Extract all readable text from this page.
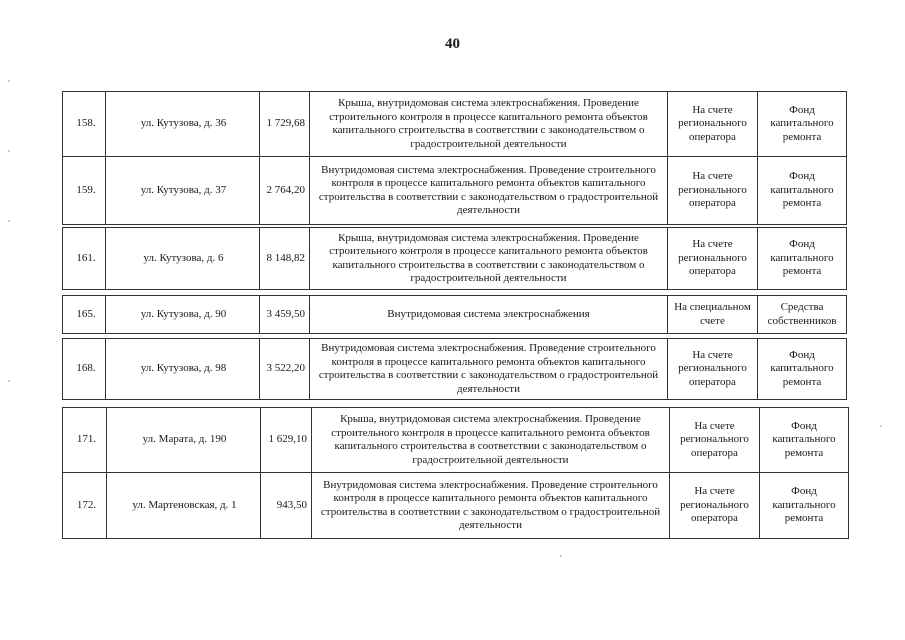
40
158.	ул. Кутузова, д. 36	1 729,68	Крыша, внутридомовая система электроснабжения. Проведение строительного контроля в процессе капитального ремонта объектов капитального строительства в соответствии с законодательством о градостроительной деятельности	На счете регионального оператора	Фонд капитального ремонта
159.	ул. Кутузова, д. 37	2 764,20	Внутридомовая система электроснабжения. Проведение строительного контроля в процессе капитального ремонта объектов капитального строительства в соответствии с законодательством о градостроительной деятельности	На счете регионального оператора	Фонд капитального ремонта
161.	ул. Кутузова, д. 6	8 148,82	Крыша, внутридомовая система электроснабжения. Проведение строительного контроля в процессе капитального ремонта объектов капитального строительства в соответствии с законодательством о градостроительной деятельности	На счете регионального оператора	Фонд капитального ремонта
165.	ул. Кутузова, д. 90	3 459,50	Внутридомовая система электроснабжения	На специальном счете	Средства собственников
168.	ул. Кутузова, д. 98	3 522,20	Внутридомовая система электроснабжения. Проведение строительного контроля в процессе капитального ремонта объектов капитального строительства в соответствии с законодательством о градостроительной деятельности	На счете регионального оператора	Фонд капитального ремонта
171.	ул. Марата, д. 190	1 629,10	Крыша, внутридомовая система электроснабжения. Проведение строительного контроля в процессе капитального ремонта объектов капитального строительства в соответствии с законодательством о градостроительной деятельности	На счете регионального оператора	Фонд капитального ремонта
172.	ул. Мартеновская, д. 1	943,50	Внутридомовая система электроснабжения. Проведение строительного контроля в процессе капитального ремонта объектов капитального строительства в соответствии с законодательством о градостроительной деятельности	На счете регионального оператора	Фонд капитального ремонта
